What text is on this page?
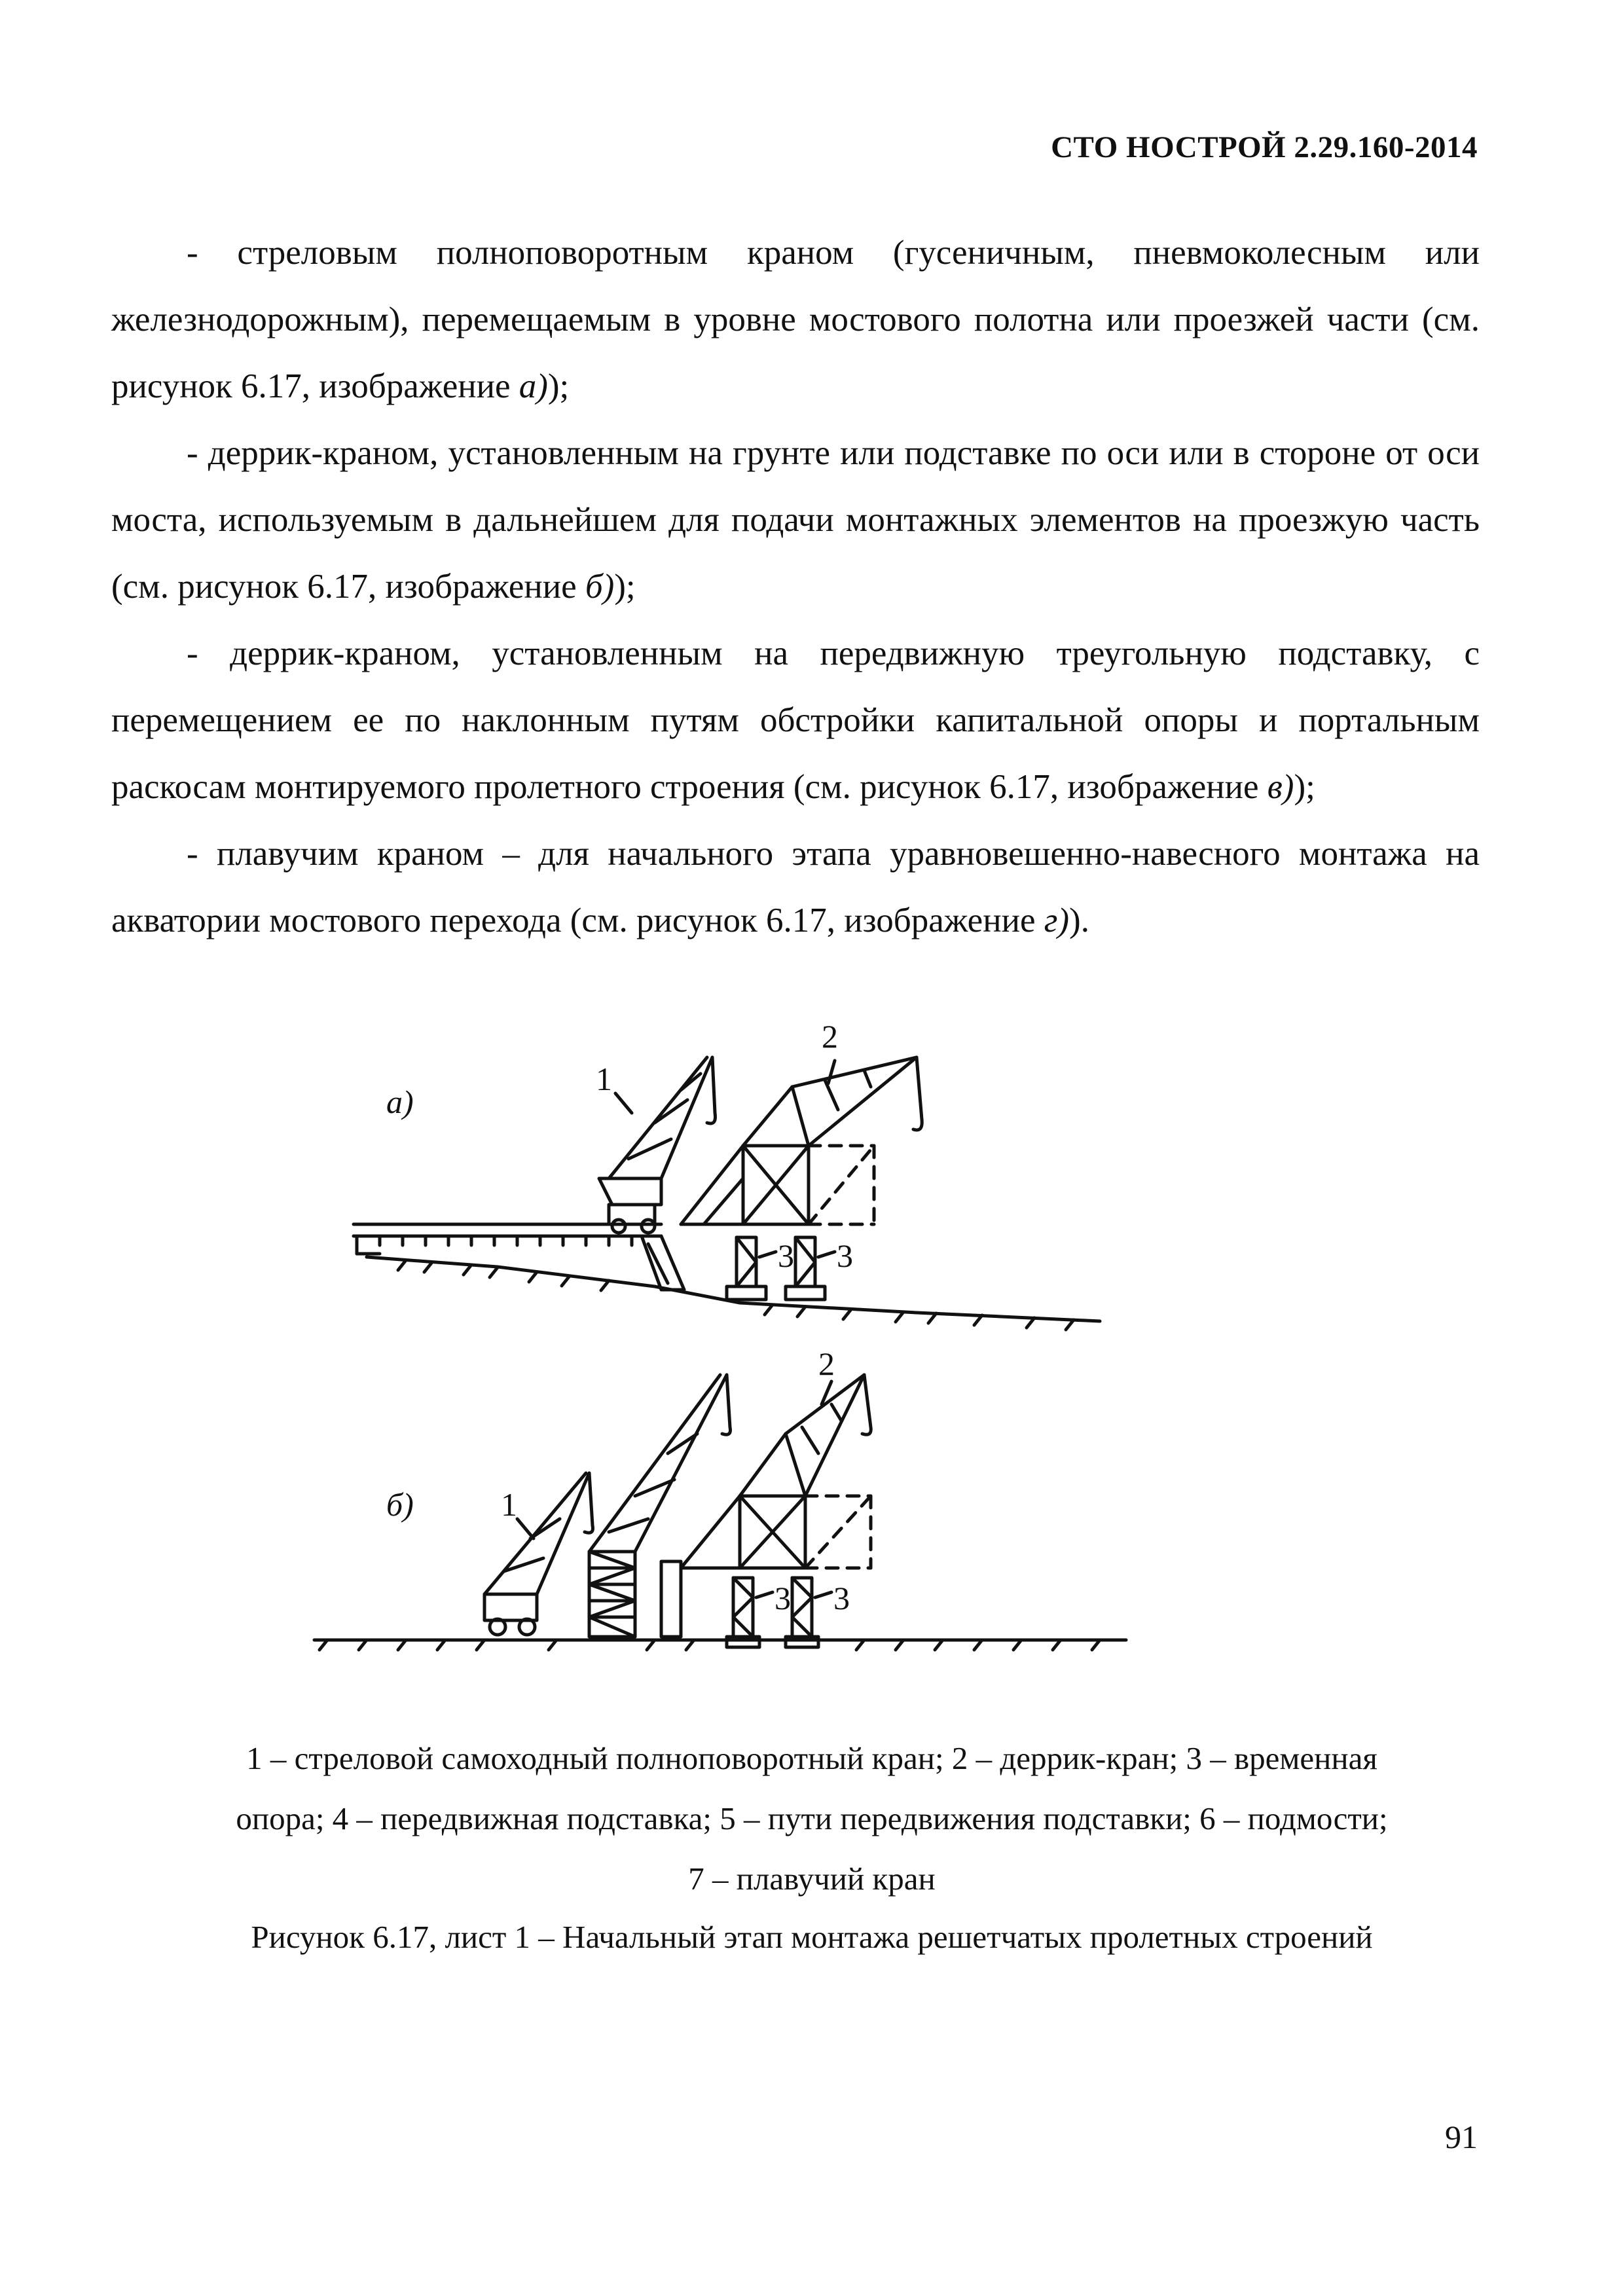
СТО НОСТРОЙ 2.29.160-2014

- стреловым полноповоротным краном (гусеничным, пневмоколесным или железнодорожным), перемещаемым в уровне мостового полотна или проезжей части (см. рисунок 6.17, изображение а));

- деррик-краном, установленным на грунте или подставке по оси или в стороне от оси моста, используемым в дальнейшем для подачи монтажных элементов на проезжую часть (см. рисунок 6.17, изображение б));

- деррик-краном, установленным на передвижную треугольную подставку, с перемещением ее по наклонным путям обстройки капитальной опоры и портальным раскосам монтируемого пролетного строения (см. рисунок 6.17, изображение в));

- плавучим краном – для начального этапа уравновешенно-навесного монтажа на акватории мостового перехода (см. рисунок 6.17, изображение г)).

а)
1
2
3 3
б)	1
2
3 3

1 – стреловой самоходный полноповоротный кран; 2 – деррик-кран; 3 – временная

опора; 4 – передвижная подставка; 5 – пути передвижения подставки; 6 – подмости;

7 – плавучий кран

Рисунок 6.17, лист 1 – Начальный этап монтажа решетчатых пролетных строений
91
